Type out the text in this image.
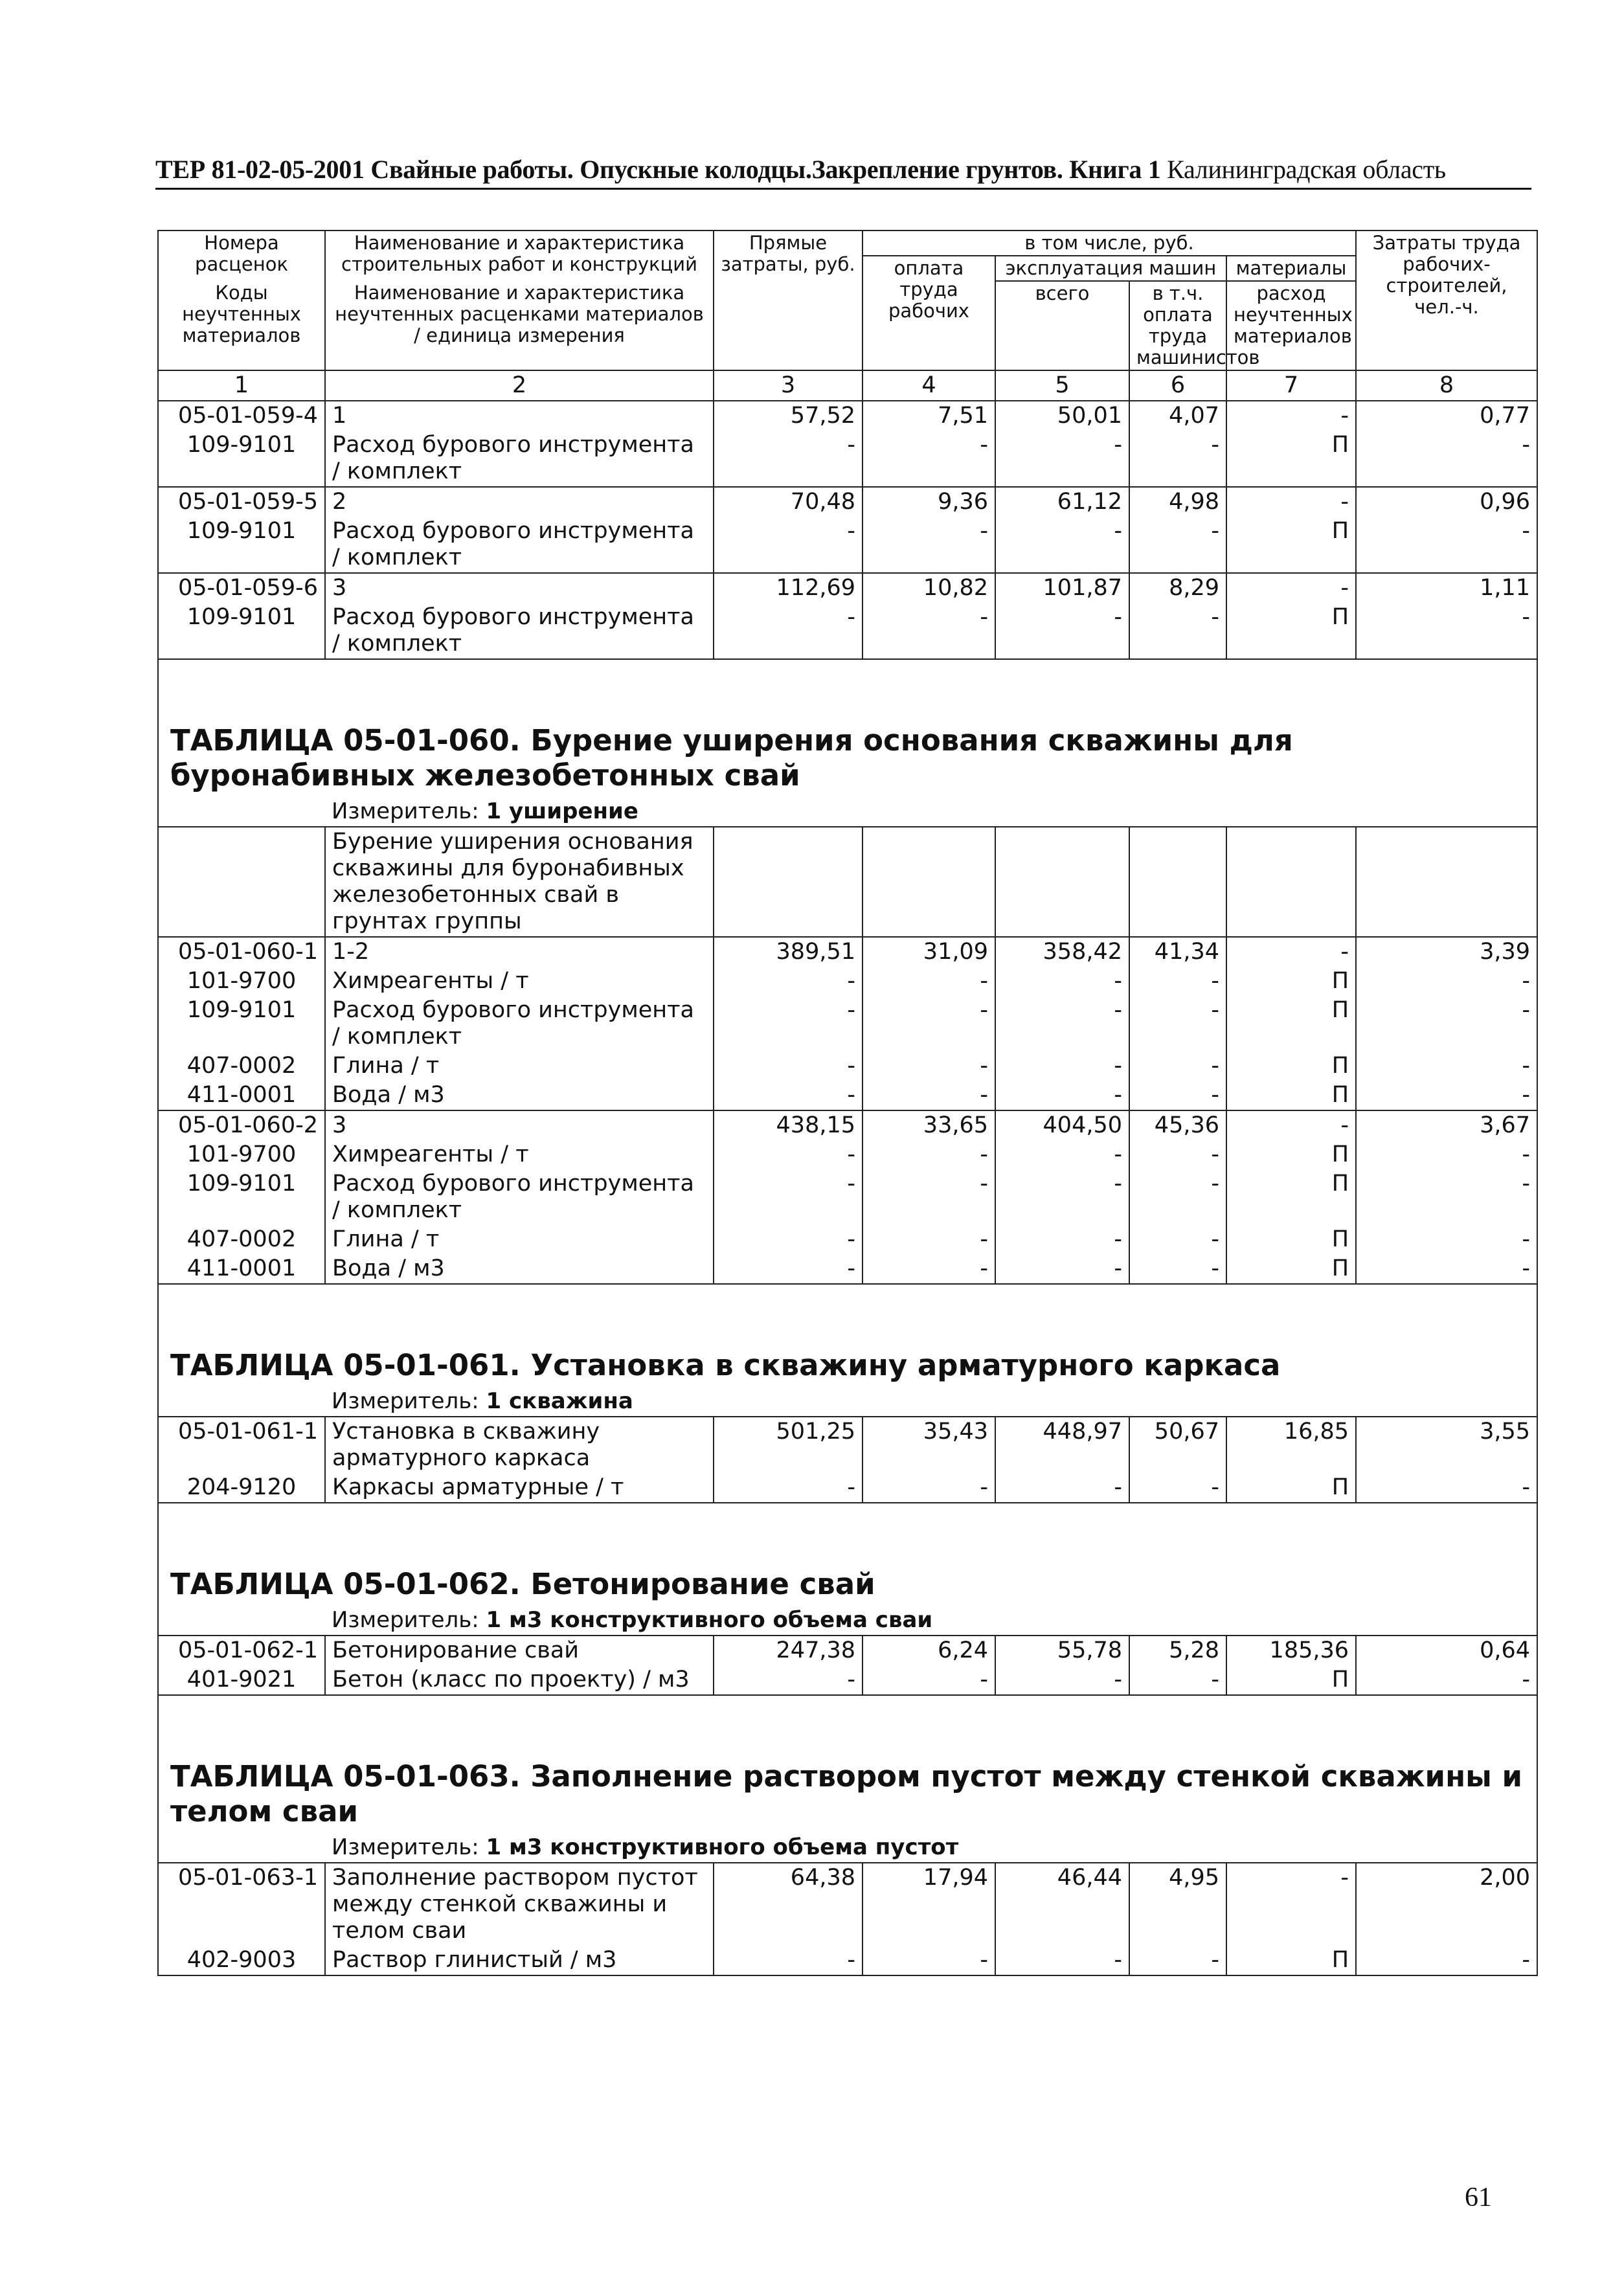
ТЕР 81-02-05-2001 Свайные работы. Опускные колодцы.Закрепление грунтов. Книга 1 Калининградская область
Номера расценок	Наименование и характеристика строительных работ и конструкций	Прямые затраты, руб.	в том числе, руб.				Затраты труда рабочих-строителей, чел.-ч.
			оплата труда рабочих	эксплуатация машин		материалы	
Коды неучтенных материалов	Наименование и характеристика неучтенных расценками материалов / единица измерения			всего	в т.ч. оплата труда машинистов	расход неучтенных материалов	

1	2	3	4	5	6	7	8
05-01-059-4	1	57,52	7,51	50,01	4,07	-	0,77
109-9101	Расход бурового инструмента / комплект	-	-	-	-	П	-
05-01-059-5	2	70,48	9,36	61,12	4,98	-	0,96
109-9101	Расход бурового инструмента / комплект	-	-	-	-	П	-
05-01-059-6	3	112,69	10,82	101,87	8,29	-	1,11
109-9101	Расход бурового инструмента / комплект	-	-	-	-	П	-
ТАБЛИЦА 05-01-060. Бурение уширения основания скважины для буронабивных железобетонных свай							
	Измеритель: 1 уширение						
	Бурение уширения основания скважины для буронабивных железобетонных свай в грунтах группы						
05-01-060-1	1-2	389,51	31,09	358,42	41,34	-	3,39
101-9700	Химреагенты / т	-	-	-	-	П	-
109-9101	Расход бурового инструмента / комплект	-	-	-	-	П	-
407-0002	Глина / т	-	-	-	-	П	-
411-0001	Вода / м3	-	-	-	-	П	-
05-01-060-2	3	438,15	33,65	404,50	45,36	-	3,67
101-9700	Химреагенты / т	-	-	-	-	П	-
109-9101	Расход бурового инструмента / комплект	-	-	-	-	П	-
407-0002	Глина / т	-	-	-	-	П	-
411-0001	Вода / м3	-	-	-	-	П	-
ТАБЛИЦА 05-01-061. Установка в скважину арматурного каркаса							
	Измеритель: 1 скважина						
05-01-061-1	Установка в скважину арматурного каркаса	501,25	35,43	448,97	50,67	16,85	3,55
204-9120	Каркасы арматурные / т	-	-	-	-	П	-
ТАБЛИЦА 05-01-062. Бетонирование свай							
	Измеритель: 1 м3 конструктивного объема сваи						
05-01-062-1	Бетонирование свай	247,38	6,24	55,78	5,28	185,36	0,64
401-9021	Бетон (класс по проекту) / м3	-	-	-	-	П	-
ТАБЛИЦА 05-01-063. Заполнение раствором пустот между стенкой скважины и телом сваи							
	Измеритель: 1 м3 конструктивного объема пустот						
05-01-063-1	Заполнение раствором пустот между стенкой скважины и телом сваи	64,38	17,94	46,44	4,95	-	2,00
402-9003	Раствор глинистый / м3	-	-	-	-	П	-
61
